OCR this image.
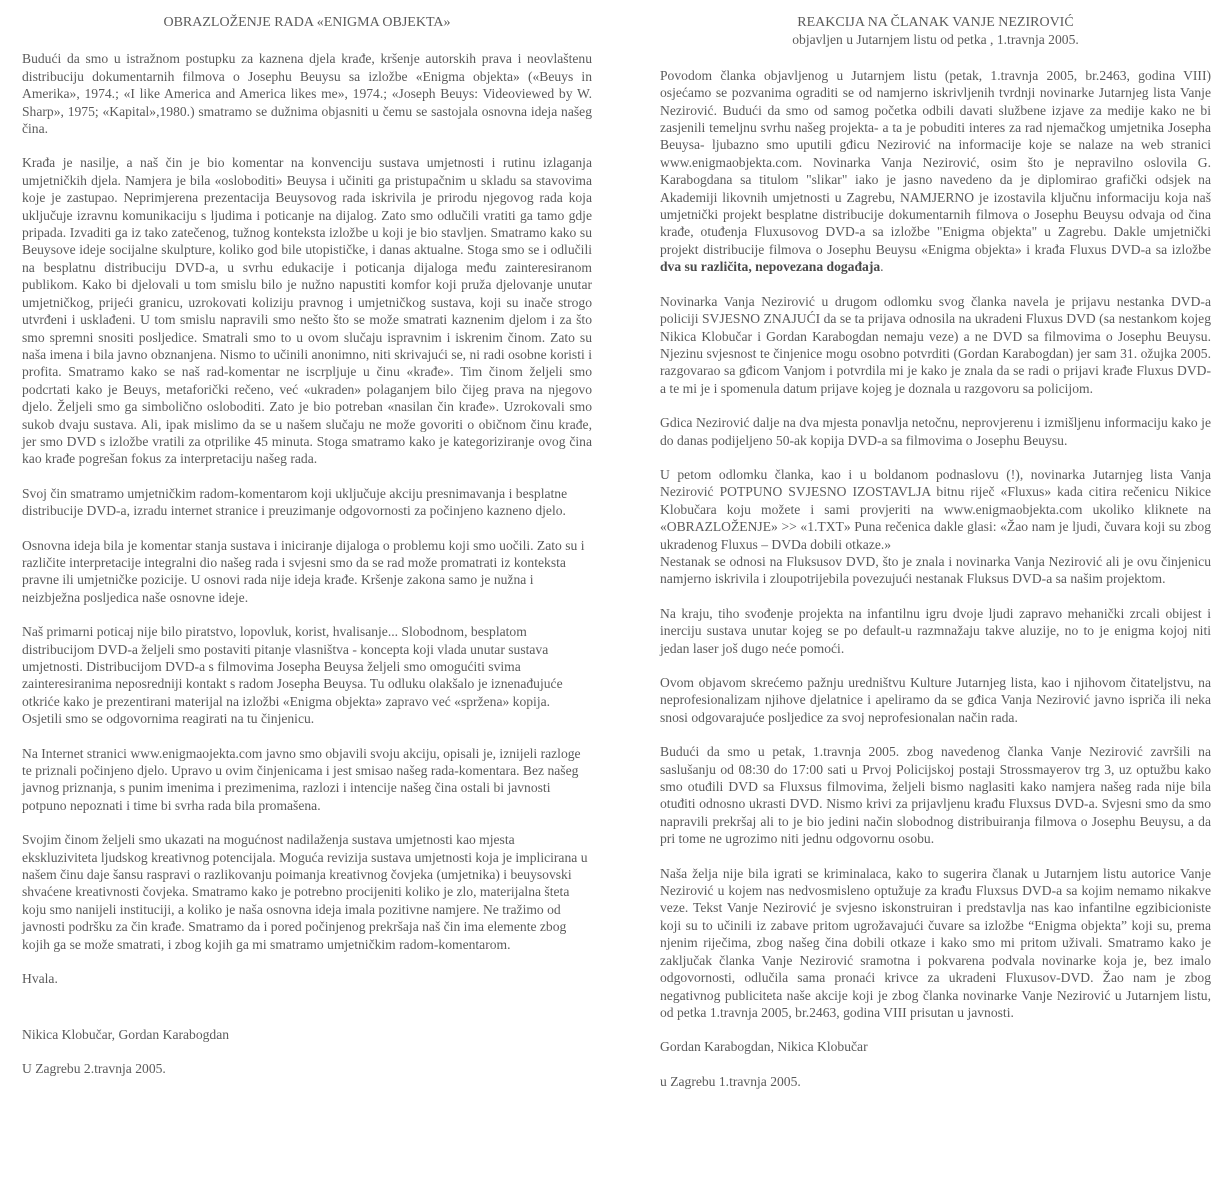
OBRAZLOŽENJE RADA «ENIGMA OBJEKTA»

Budući da smo u istražnom postupku za kaznena djela krađe, kršenje autorskih prava i neovlaštenu distribuciju dokumentarnih filmova o Josephu Beuysu sa izložbe «Enigma objekta» («Beuys in Amerika», 1974.; «I like America and America likes me», 1974.; «Joseph Beuys: Videoviewed by W. Sharp», 1975; «Kapital»,1980.) smatramo se dužnima objasniti u čemu se sastojala osnovna ideja našeg čina.

Krađa je nasilje, a naš čin je bio komentar na konvenciju sustava umjetnosti i rutinu izlaganja umjetničkih djela. Namjera je bila «osloboditi» Beuysa i učiniti ga pristupačnim u skladu sa stavovima koje je zastupao. Neprimjerena prezentacija Beuysovog rada iskrivila je prirodu njegovog rada koja uključuje izravnu komunikaciju s ljudima i poticanje na dijalog. Zato smo odlučili vratiti ga tamo gdje pripada. Izvaditi ga iz tako zatečenog, tužnog konteksta izložbe u koji je bio stavljen. Smatramo kako su Beuysove ideje socijalne skulpture, koliko god bile utopističke, i danas aktualne. Stoga smo se i odlučili na besplatnu distribuciju DVD-a, u svrhu edukacije i poticanja dijaloga među zainteresiranom publikom. Kako bi djelovali u tom smislu bilo je nužno napustiti komfor koji pruža djelovanje unutar umjetničkog, prijeći granicu, uzrokovati koliziju pravnog i umjetničkog sustava, koji su inače strogo utvrđeni i usklađeni. U tom smislu napravili smo nešto što se može smatrati kaznenim djelom i za što smo spremni snositi posljedice. Smatrali smo to u ovom slučaju ispravnim i iskrenim činom. Zato su naša imena i bila javno obznanjena. Nismo to učinili anonimno, niti skrivajući se, ni radi osobne koristi i profita. Smatramo kako se naš rad-komentar ne iscrpljuje u činu «krađe». Tim činom željeli smo podcrtati kako je Beuys, metaforički rečeno, već «ukraden» polaganjem bilo čijeg prava na njegovo djelo. Željeli smo ga simbolično osloboditi. Zato je bio potreban «nasilan čin krađe». Uzrokovali smo sukob dvaju sustava. Ali, ipak mislimo da se u našem slučaju ne može govoriti o običnom činu krađe, jer smo DVD s izložbe vratili za otprilike 45 minuta. Stoga smatramo kako je kategoriziranje ovog čina kao krađe pogrešan fokus za interpretaciju našeg rada.

Svoj čin smatramo umjetničkim radom-komentarom koji uključuje akciju presnimavanja i besplatne distribucije DVD-a, izradu internet stranice i preuzimanje odgovornosti za počinjeno kazneno djelo.

Osnovna ideja bila je komentar stanja sustava i iniciranje dijaloga o problemu koji smo uočili. Zato su i različite interpretacije integralni dio našeg rada i svjesni smo da se rad može promatrati iz konteksta pravne ili umjetničke pozicije. U osnovi rada nije ideja krađe. Kršenje zakona samo je nužna i neizbježna posljedica naše osnovne ideje.

Naš primarni poticaj nije bilo piratstvo, lopovluk, korist, hvalisanje... Slobodnom, besplatom distribucijom DVD-a željeli smo postaviti pitanje vlasništva - koncepta koji vlada unutar sustava umjetnosti. Distribucijom DVD-a s filmovima Josepha Beuysa željeli smo omogućiti svima zainteresiranima neposredniji kontakt s radom Josepha Beuysa. Tu odluku olakšalo je iznenađujuće otkriće kako je prezentirani materijal na izložbi «Enigma objekta» zapravo već «spržena» kopija. Osjetili smo se odgovornima reagirati na tu činjenicu.

Na Internet stranici www.enigmaojekta.com javno smo objavili svoju akciju, opisali je, iznijeli razloge te priznali počinjeno djelo. Upravo u ovim činjenicama i jest smisao našeg rada-komentara. Bez našeg javnog priznanja, s punim imenima i prezimenima, razlozi i intencije našeg čina ostali bi javnosti potpuno nepoznati i time bi svrha rada bila promašena.

Svojim činom željeli smo ukazati na mogućnost nadilaženja sustava umjetnosti kao mjesta ekskluziviteta ljudskog kreativnog potencijala. Moguća revizija sustava umjetnosti koja je implicirana u našem činu daje šansu raspravi o razlikovanju poimanja kreativnog čovjeka (umjetnika) i beuysovski shvaćene kreativnosti čovjeka. Smatramo kako je potrebno procijeniti koliko je zlo, materijalna šteta koju smo nanijeli instituciji, a koliko je naša osnovna ideja imala pozitivne namjere. Ne tražimo od javnosti podršku za čin krađe. Smatramo da i pored počinjenog prekršaja naš čin ima elemente zbog kojih ga se može smatrati, i zbog kojih ga mi smatramo umjetničkim radom-komentarom.

Hvala.

Nikica Klobučar, Gordan Karabogdan

U Zagrebu 2.travnja 2005.

REAKCIJA NA ČLANAK VANJE NEZIROVIĆ
objavljen u Jutarnjem listu od petka , 1.travnja 2005.

Povodom članka objavljenog u Jutarnjem listu (petak, 1.travnja 2005, br.2463, godina VIII) osjećamo se pozvanima ograditi se od namjerno iskrivljenih tvrdnji novinarke Jutarnjeg lista Vanje Nezirović. Budući da smo od samog početka odbili davati službene izjave za medije kako ne bi zasjenili temeljnu svrhu našeg projekta- a ta je pobuditi interes za rad njemačkog umjetnika Josepha Beuysa- ljubazno smo uputili gđicu Nezirović na informacije koje se nalaze na web stranici www.enigmaobjekta.com. Novinarka Vanja Nezirović, osim što je nepravilno oslovila G. Karabogdana sa titulom "slikar" iako je jasno navedeno da je diplomirao grafički odsjek na Akademiji likovnih umjetnosti u Zagrebu, NAMJERNO je izostavila ključnu informaciju koja naš umjetnički projekt besplatne distribucije dokumentarnih filmova o Josephu Beuysu odvaja od čina krađe, otuđenja Fluxusovog DVD-a sa izložbe "Enigma objekta" u Zagrebu. Dakle umjetnički projekt distribucije filmova o Josephu Beuysu «Enigma objekta» i krađa Fluxus DVD-a sa izložbe dva su različita, nepovezana događaja.

Novinarka Vanja Nezirović u drugom odlomku svog članka navela je prijavu nestanka DVD-a policiji SVJESNO ZNAJUĆI da se ta prijava odnosila na ukradeni Fluxus DVD (sa nestankom kojeg Nikica Klobučar i Gordan Karabogdan nemaju veze) a ne DVD sa filmovima o Josephu Beuysu. Njezinu svjesnost te činjenice mogu osobno potvrditi (Gordan Karabogdan) jer sam 31. ožujka 2005. razgovarao sa gđicom Vanjom i potvrdila mi je kako je znala da se radi o prijavi krađe Fluxus DVD-a te mi je i spomenula datum prijave kojeg je doznala u razgovoru sa policijom.

Gdica Nezirović dalje na dva mjesta ponavlja netočnu, neprovjerenu i izmišljenu informaciju kako je do danas podijeljeno 50-ak kopija DVD-a sa filmovima o Josephu Beuysu.

U petom odlomku članka, kao i u boldanom podnaslovu (!), novinarka Jutarnjeg lista Vanja Nezirović POTPUNO SVJESNO IZOSTAVLJA bitnu riječ «Fluxus» kada citira rečenicu Nikice Klobučara koju možete i sami provjeriti na www.enigmaobjekta.com ukoliko kliknete na «OBRAZLOŽENJE» >> «1.TXT» Puna rečenica dakle glasi: «Žao nam je ljudi, čuvara koji su zbog ukradenog Fluxus – DVDa dobili otkaze.»

Nestanak se odnosi na Fluksusov DVD, što je znala i novinarka Vanja Nezirović ali je ovu činjenicu namjerno iskrivila i zloupotrijebila povezujući nestanak Fluksus DVD-a sa našim projektom.

Na kraju, tiho svođenje projekta na infantilnu igru dvoje ljudi zapravo mehanički zrcali obijest i inerciju sustava unutar kojeg se po default-u razmnažaju takve aluzije, no to je enigma kojoj niti jedan laser još dugo neće pomoći.

Ovom objavom skrećemo pažnju uredništvu Kulture Jutarnjeg lista, kao i njihovom čitateljstvu, na neprofesionalizam njihove djelatnice i apeliramo da se gđica Vanja Nezirović javno ispriča ili neka snosi odgovarajuće posljedice za svoj neprofesionalan način rada.

Budući da smo u petak, 1.travnja 2005. zbog navedenog članka Vanje Nezirović završili na saslušanju od 08:30 do 17:00 sati u Prvoj Policijskoj postaji Strossmayerov trg 3, uz optužbu kako smo otuđili DVD sa Fluxsus filmovima, željeli bismo naglasiti kako namjera našeg rada nije bila otuđiti odnosno ukrasti DVD. Nismo krivi za prijavljenu krađu Fluxsus DVD-a. Svjesni smo da smo napravili prekršaj ali to je bio jedini način slobodnog distribuiranja filmova o Josephu Beuysu, a da pri tome ne ugrozimo niti jednu odgovornu osobu.

Naša želja nije bila igrati se kriminalaca, kako to sugerira članak u Jutarnjem listu autorice Vanje Nezirović u kojem nas nedvosmisleno optužuje za krađu Fluxsus DVD-a sa kojim nemamo nikakve veze. Tekst Vanje Nezirović je svjesno iskonstruiran i predstavlja nas kao infantilne egzibicioniste koji su to učinili iz zabave pritom ugrožavajući čuvare sa izložbe “Enigma objekta” koji su, prema njenim riječima, zbog našeg čina dobili otkaze i kako smo mi pritom uživali. Smatramo kako je zaključak članka Vanje Nezirović sramotna i pokvarena podvala novinarke koja je, bez imalo odgovornosti, odlučila sama pronaći krivce za ukradeni Fluxusov-DVD. Žao nam je zbog negativnog publiciteta naše akcije koji je zbog članka novinarke Vanje Nezirović u Jutarnjem listu, od petka 1.travnja 2005, br.2463, godina VIII prisutan u javnosti.

Gordan Karabogdan, Nikica Klobučar

u Zagrebu 1.travnja 2005.
